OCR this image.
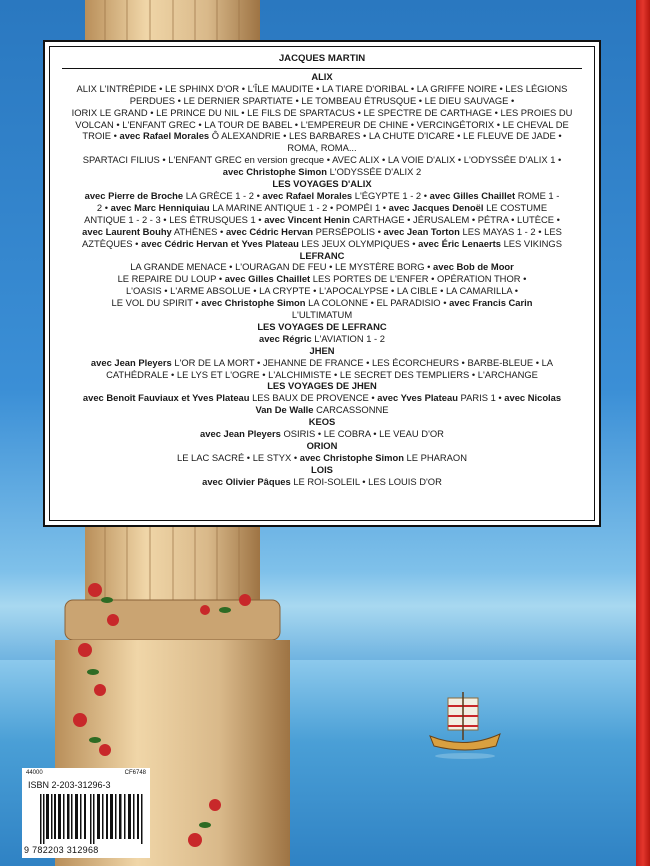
JACQUES MARTIN
ALIX
ALIX L'INTRÉPIDE • LE SPHINX D'OR • L'ÎLE MAUDITE • LA TIARE D'ORIBAL • LA GRIFFE NOIRE • LES LÉGIONS
PERDUES • LE DERNIER SPARTIATE • LE TOMBEAU ÉTRUSQUE • LE DIEU SAUVAGE •
IORIX LE GRAND • LE PRINCE DU NIL • LE FILS DE SPARTACUS • LE SPECTRE DE CARTHAGE • LES PROIES DU
VOLCAN • L'ENFANT GREC • LA TOUR DE BABEL • L'EMPEREUR DE CHINE • VERCINGÉTORIX • LE CHEVAL DE
TROIE • avec Rafael Morales Ô ALEXANDRIE • LES BARBARES • LA CHUTE D'ICARE • LE FLEUVE DE JADE •
ROMA, ROMA...
SPARTACI FILIUS • L'ENFANT GREC en version grecque • AVEC ALIX • LA VOIE D'ALIX • L'ODYSSÉE D'ALIX 1 •
avec Christophe Simon L'ODYSSÉE D'ALIX 2
LES VOYAGES D'ALIX
avec Pierre de Broche LA GRÈCE 1 - 2 • avec Rafael Morales L'ÉGYPTE 1 - 2 • avec Gilles Chaillet ROME 1 -
2 • avec Marc Henniquiau LA MARINE ANTIQUE 1 - 2 • POMPÉI 1 • avec Jacques Denoël LE COSTUME
ANTIQUE 1 - 2 - 3 • LES ÉTRUSQUES 1 • avec Vincent Henin CARTHAGE • JÉRUSALEM • PÉTRA • LUTÈCE •
avec Laurent Bouhy ATHÈNES • avec Cédric Hervan PERSÉPOLIS • avec Jean Torton LES MAYAS 1 - 2 • LES
AZTÈQUES • avec Cédric Hervan et Yves Plateau LES JEUX OLYMPIQUES • avec Éric Lenaerts LES VIKINGS
LEFRANC
LA GRANDE MENACE • L'OURAGAN DE FEU • LE MYSTÈRE BORG • avec Bob de Moor
LE REPAIRE DU LOUP • avec Gilles Chaillet LES PORTES DE L'ENFER • OPÉRATION THOR •
L'OASIS • L'ARME ABSOLUE • LA CRYPTE • L'APOCALYPSE • LA CIBLE • LA CAMARILLA •
LE VOL DU SPIRIT • avec Christophe Simon LA COLONNE • EL PARADISIO • avec Francis Carin
L'ULTIMATUM
LES VOYAGES DE LEFRANC
avec Régric L'AVIATION 1 - 2
JHEN
avec Jean Pleyers L'OR DE LA MORT • JEHANNE DE FRANCE • LES ÉCORCHEURS • BARBE-BLEUE • LA
CATHÉDRALE • LE LYS ET L'OGRE • L'ALCHIMISTE • LE SECRET DES TEMPLIERS • L'ARCHANGE
LES VOYAGES DE JHEN
avec Benoît Fauviaux et Yves Plateau LES BAUX DE PROVENCE • avec Yves Plateau PARIS 1 • avec Nicolas
Van De Walle CARCASSONNE
KEOS
avec Jean Pleyers OSIRIS • LE COBRA • LE VEAU D'OR
ORION
LE LAC SACRÉ • LE STYX • avec Christophe Simon LE PHARAON
LOIS
avec Olivier Pâques LE ROI-SOLEIL • LES LOUIS D'OR
44000	CF6748
ISBN 2-203-31296-3
9 782203 312968
